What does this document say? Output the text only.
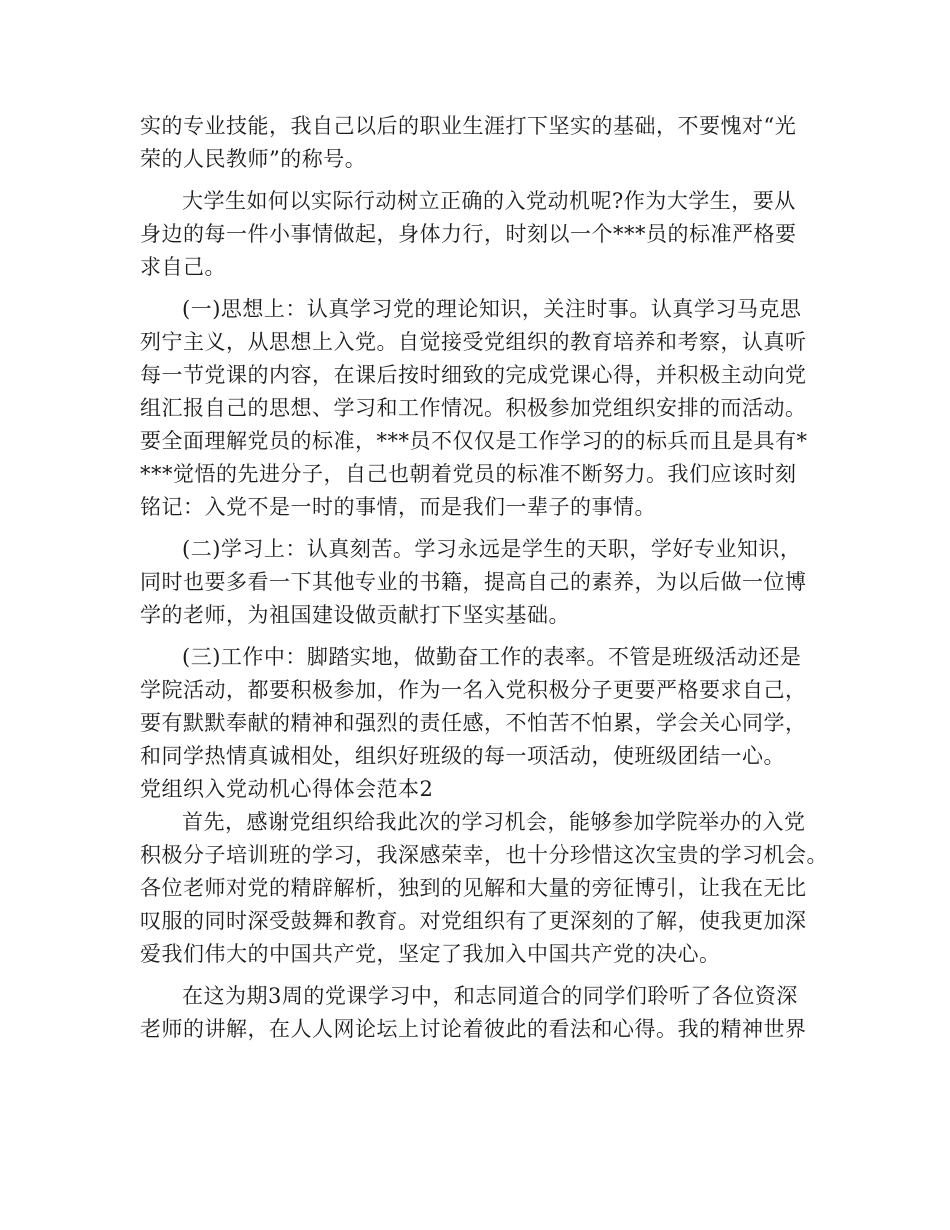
实的专业技能，我自己以后的职业生涯打下坚实的基础，不要愧对“光
荣的人民教师”的称号。
大学生如何以实际行动树立正确的入党动机呢?作为大学生，要从
身边的每一件小事情做起，身体力行，时刻以一个***员的标准严格要
求自己。
(一)思想上：认真学习党的理论知识，关注时事。认真学习马克思
列宁主义，从思想上入党。自觉接受党组织的教育培养和考察，认真听
每一节党课的内容，在课后按时细致的完成党课心得，并积极主动向党
组汇报自己的思想、学习和工作情况。积极参加党组织安排的而活动。
要全面理解党员的标准，***员不仅仅是工作学习的的标兵而且是具有*
***觉悟的先进分子，自己也朝着党员的标准不断努力。我们应该时刻
铭记：入党不是一时的事情，而是我们一辈子的事情。
(二)学习上：认真刻苦。学习永远是学生的天职，学好专业知识，
同时也要多看一下其他专业的书籍，提高自己的素养，为以后做一位博
学的老师，为祖国建设做贡献打下坚实基础。
(三)工作中：脚踏实地，做勤奋工作的表率。不管是班级活动还是
学院活动，都要积极参加，作为一名入党积极分子更要严格要求自己，
要有默默奉献的精神和强烈的责任感，不怕苦不怕累，学会关心同学，
和同学热情真诚相处，组织好班级的每一项活动，使班级团结一心。
党组织入党动机心得体会范本2
首先，感谢党组织给我此次的学习机会，能够参加学院举办的入党
积极分子培训班的学习，我深感荣幸，也十分珍惜这次宝贵的学习机会。
各位老师对党的精辟解析，独到的见解和大量的旁征博引，让我在无比
叹服的同时深受鼓舞和教育。对党组织有了更深刻的了解，使我更加深
爱我们伟大的中国共产党，坚定了我加入中国共产党的决心。
在这为期3周的党课学习中，和志同道合的同学们聆听了各位资深
老师的讲解，在人人网论坛上讨论着彼此的看法和心得。我的精神世界
